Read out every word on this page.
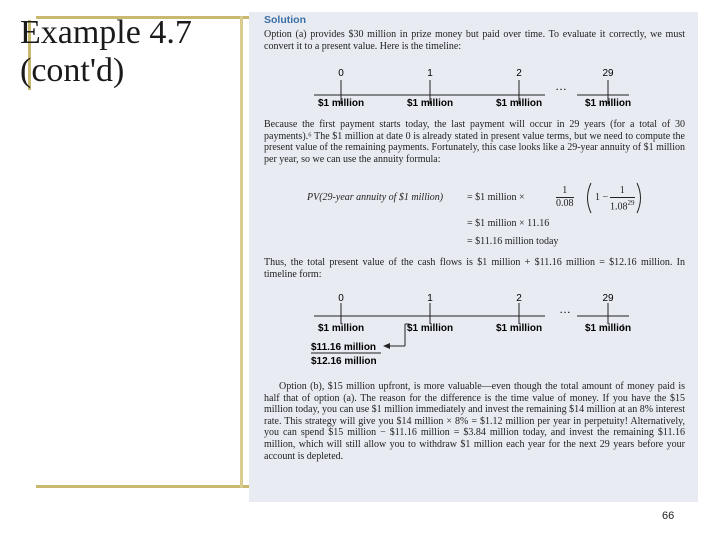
Example 4.7
(cont'd)
Solution
Option (a) provides $30 million in prize money but paid over time. To evaluate it correctly, we must convert it to a present value. Here is the timeline:
0	1	2	29
…
$1 million	$1 million	$1 million	$1 million
0	1	2	29
…
$1 million	$1 million	$1 million	$1 million
$11.16 million
$12.16 million
Because the first payment starts today, the last payment will occur in 29 years (for a total of 30 payments).⁶ The $1 million at date 0 is already stated in present value terms, but we need to compute the present value of the remaining payments. Fortunately, this case looks like a 29-year annuity of $1 million per year, so we can use the annuity formula:
PV(29-year annuity of $1 million) = $1 million ×	$\frac{1}{0.08} 1 - \frac{1}{1.08^{29}}$
= $1 million × 11.16
= $11.16 million today
Thus, the total present value of the cash flows is $1 million + $11.16 million = $12.16 million. In timeline form:
Option (b), $15 million upfront, is more valuable—even though the total amount of money paid is half that of option (a). The reason for the difference is the time value of money. If you have the $15 million today, you can use $1 million immediately and invest the remaining $14 million at an 8% interest rate. This strategy will give you $14 million × 8% = $1.12 million per year in perpetuity! Alternatively, you can spend $15 million − $11.16 million = $3.84 million today, and invest the remaining $11.16 million, which will still allow you to withdraw $1 million each year for the next 29 years before your account is depleted.
66
